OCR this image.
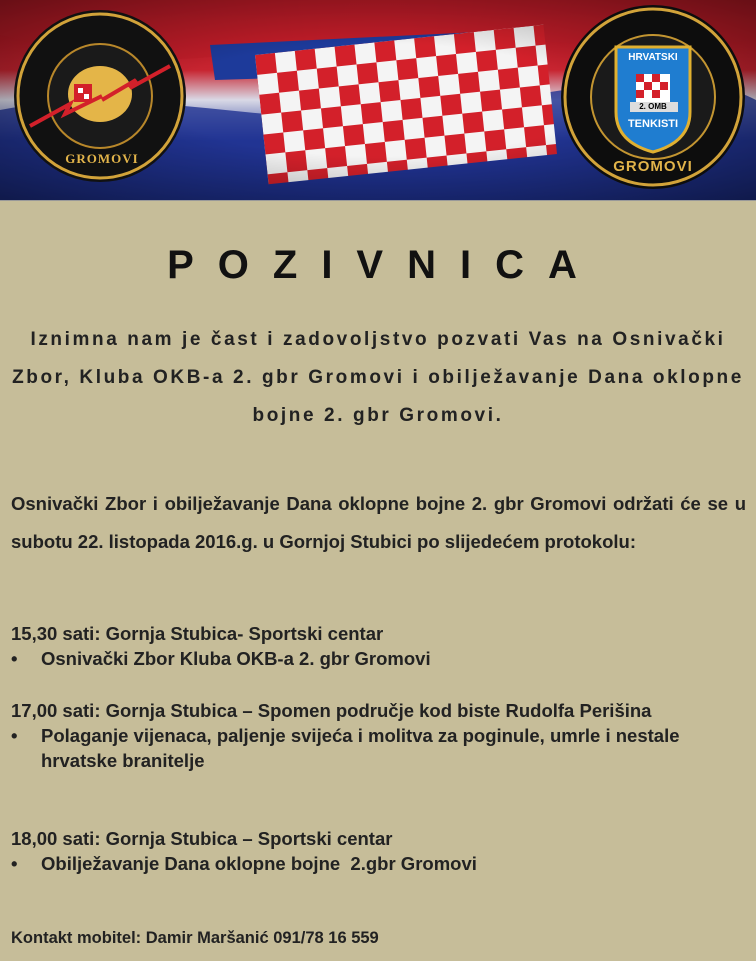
GROMOVI
HRVATSKI
2. OMB
TENKISTI
GROMOVI
POZIVNICA
Iznimna nam je čast i zadovoljstvo pozvati Vas na Osnivački Zbor, Kluba OKB-a 2. gbr Gromovi i obilježavanje Dana oklopne bojne 2. gbr Gromovi.
Osnivački Zbor i obilježavanje Dana oklopne bojne 2. gbr Gromovi održati će se u subotu 22. listopada 2016.g. u Gornjoj Stubici po slijedećem protokolu:
15,30 sati: Gornja Stubica- Sportski centar
•	Osnivački Zbor Kluba OKB-a 2. gbr Gromovi
17,00 sati: Gornja Stubica – Spomen područje kod biste Rudolfa Perišina
•	Polaganje vijenaca, paljenje svijeća i molitva za poginule, umrle i nestale hrvatske branitelje
18,00 sati: Gornja Stubica – Sportski centar
•	Obilježavanje Dana oklopne bojne  2.gbr Gromovi
Kontakt mobitel: Damir Maršanić 091/78 16 559
